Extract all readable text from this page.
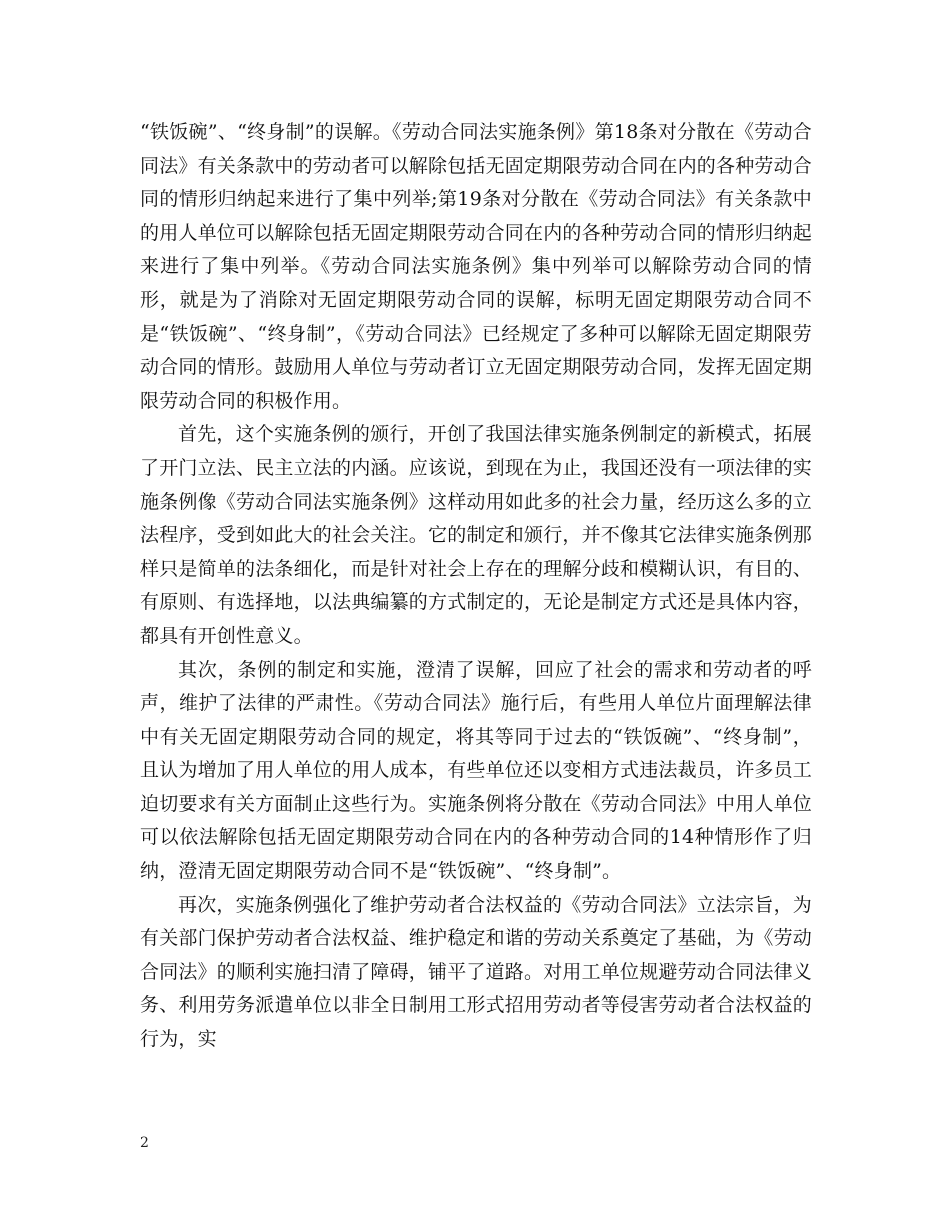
“铁饭碗”、“终身制”的误解。《劳动合同法实施条例》第18条对分散在《劳动合同法》有关条款中的劳动者可以解除包括无固定期限劳动合同在内的各种劳动合同的情形归纳起来进行了集中列举;第19条对分散在《劳动合同法》有关条款中的用人单位可以解除包括无固定期限劳动合同在内的各种劳动合同的情形归纳起来进行了集中列举。《劳动合同法实施条例》集中列举可以解除劳动合同的情形，就是为了消除对无固定期限劳动合同的误解，标明无固定期限劳动合同不是“铁饭碗”、“终身制”，《劳动合同法》已经规定了多种可以解除无固定期限劳动合同的情形。鼓励用人单位与劳动者订立无固定期限劳动合同，发挥无固定期限劳动合同的积极作用。

首先，这个实施条例的颁行，开创了我国法律实施条例制定的新模式，拓展了开门立法、民主立法的内涵。应该说，到现在为止，我国还没有一项法律的实施条例像《劳动合同法实施条例》这样动用如此多的社会力量，经历这么多的立法程序，受到如此大的社会关注。它的制定和颁行，并不像其它法律实施条例那样只是简单的法条细化，而是针对社会上存在的理解分歧和模糊认识，有目的、有原则、有选择地，以法典编纂的方式制定的，无论是制定方式还是具体内容，都具有开创性意义。

其次，条例的制定和实施，澄清了误解，回应了社会的需求和劳动者的呼声，维护了法律的严肃性。《劳动合同法》施行后，有些用人单位片面理解法律中有关无固定期限劳动合同的规定，将其等同于过去的“铁饭碗”、“终身制”，且认为增加了用人单位的用人成本，有些单位还以变相方式违法裁员，许多员工迫切要求有关方面制止这些行为。实施条例将分散在《劳动合同法》中用人单位可以依法解除包括无固定期限劳动合同在内的各种劳动合同的14种情形作了归纳，澄清无固定期限劳动合同不是“铁饭碗”、“终身制”。

再次，实施条例强化了维护劳动者合法权益的《劳动合同法》立法宗旨，为有关部门保护劳动者合法权益、维护稳定和谐的劳动关系奠定了基础，为《劳动合同法》的顺利实施扫清了障碍，铺平了道路。对用工单位规避劳动合同法律义务、利用劳务派遣单位以非全日制用工形式招用劳动者等侵害劳动者合法权益的行为，实

2
